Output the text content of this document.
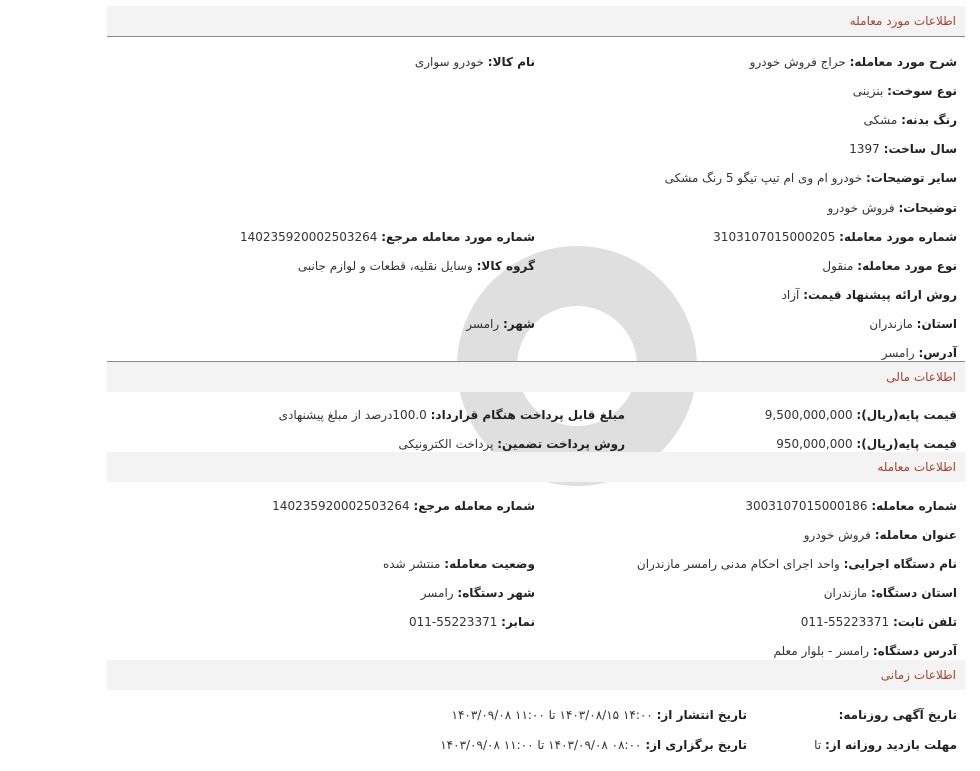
اطلاعات مورد معامله
شرح مورد معامله: حراج فروش خودرو
نام کالا: خودرو سواری
نوع سوخت: بنزینی
رنگ بدنه: مشکی
سال ساخت: 1397
سایر توضیحات: خودرو ام وی ام تیپ تیگو 5 رنگ مشکی
توضیحات: فروش خودرو
شماره مورد معامله: 3103107015000205
شماره مورد معامله مرجع: 14023592000250326​4
نوع مورد معامله: منقول
گروه کالا: وسایل نقلیه، قطعات و لوازم جانبی
روش ارائه پیشنهاد قیمت: آزاد
استان: مازندران
شهر: رامسر
آدرس: رامسر
اطلاعات مالی
قیمت پایه(ریال): 9,500,000,000
مبلغ قابل پرداخت هنگام قرارداد: 100.0درصد از مبلغ پیشنهادی
قیمت پایه(ریال): 950,000,000
روش پرداخت تضمین: پرداخت الکترونیکی
اطلاعات معامله
شماره معامله: 3003107015000186
شماره معامله مرجع: 140235920002503264
عنوان معامله: فروش خودرو
نام دستگاه اجرایی: واحد اجرای احکام مدنی رامسر مازندران
وضعیت معامله: منتشر شده
استان دستگاه: مازندران
شهر دستگاه: رامسر
تلفن ثابت: 55223371-011
نمابر: 55223371-011
آدرس دستگاه: رامسر - بلوار معلم
اطلاعات زمانی
تاریخ آگهی روزنامه:
تاریخ انتشار از: ۱۴:۰۰ ۱۴۰۳/۰۸/۱۵ تا ۱۱:۰۰ ۱۴۰۳/۰۹/۰۸
مهلت بازدید روزانه از: تا
تاریخ برگزاری از: ۰۸:۰۰ ۱۴۰۳/۰۹/۰۸ تا ۱۱:۰۰ ۱۴۰۳/۰۹/۰۸
